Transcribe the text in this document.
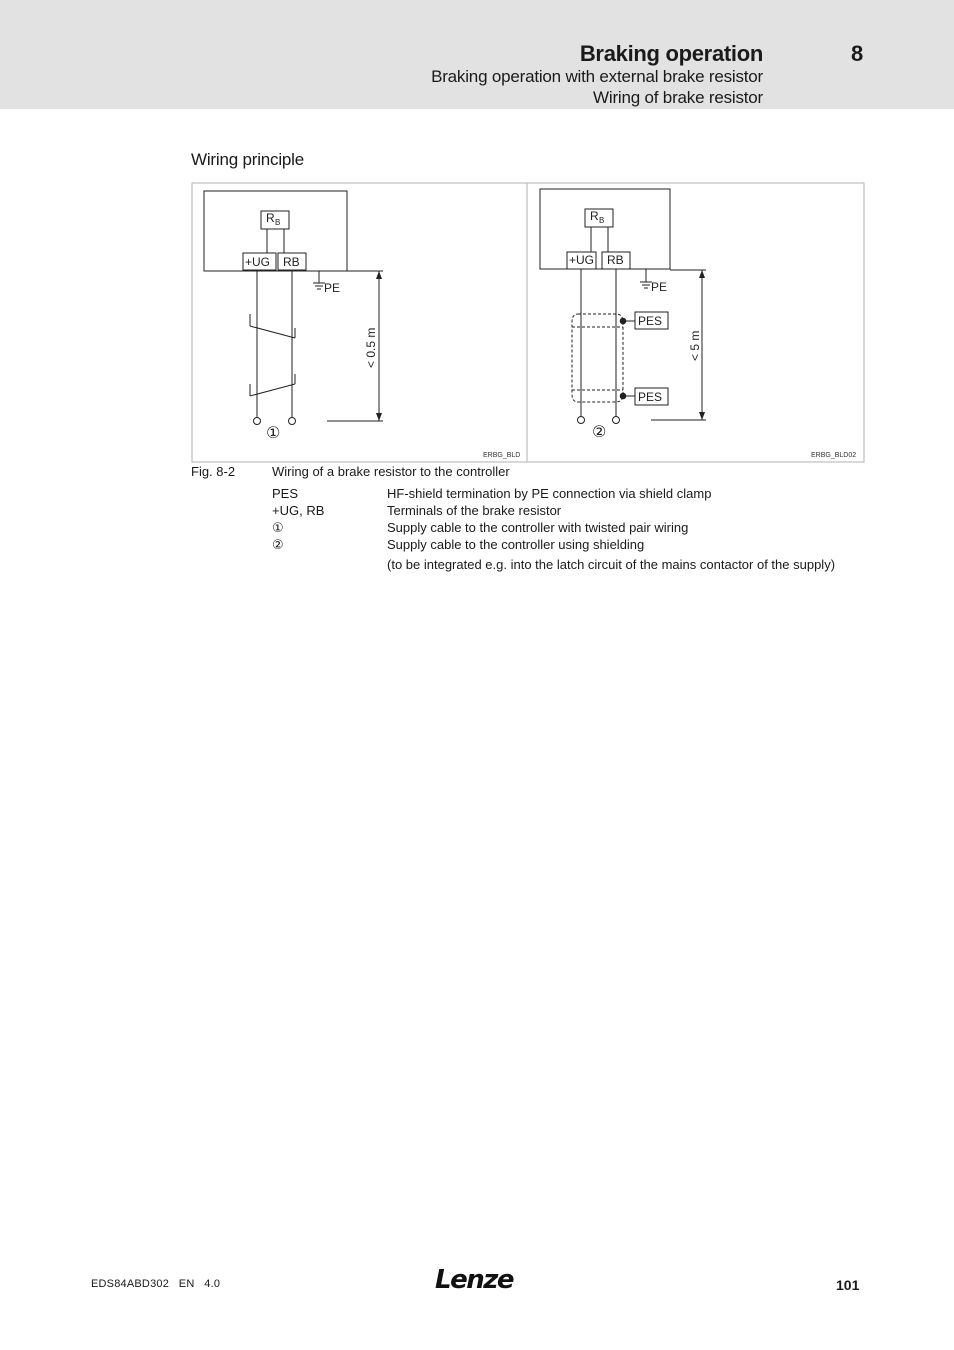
Braking operation	8
Braking operation with external brake resistor
Wiring of brake resistor
Wiring principle
R B
+UG RB
PE
< 0.5 m
①
ERBG_BLD
R B
+UG RB
PE
PES
PES
< 5 m
②
ERBG_BLD02
Fig. 8-2	Wiring of a brake resistor to the controller
PES	HF-shield termination by PE connection via shield clamp
+UG, RB	Terminals of the brake resistor
①	Supply cable to the controller with twisted pair wiring
②	Supply cable to the controller using shielding
(to be integrated e.g. into the latch circuit of the mains contactor of the supply)
EDS84ABD302   EN   4.0	Lenze	101
